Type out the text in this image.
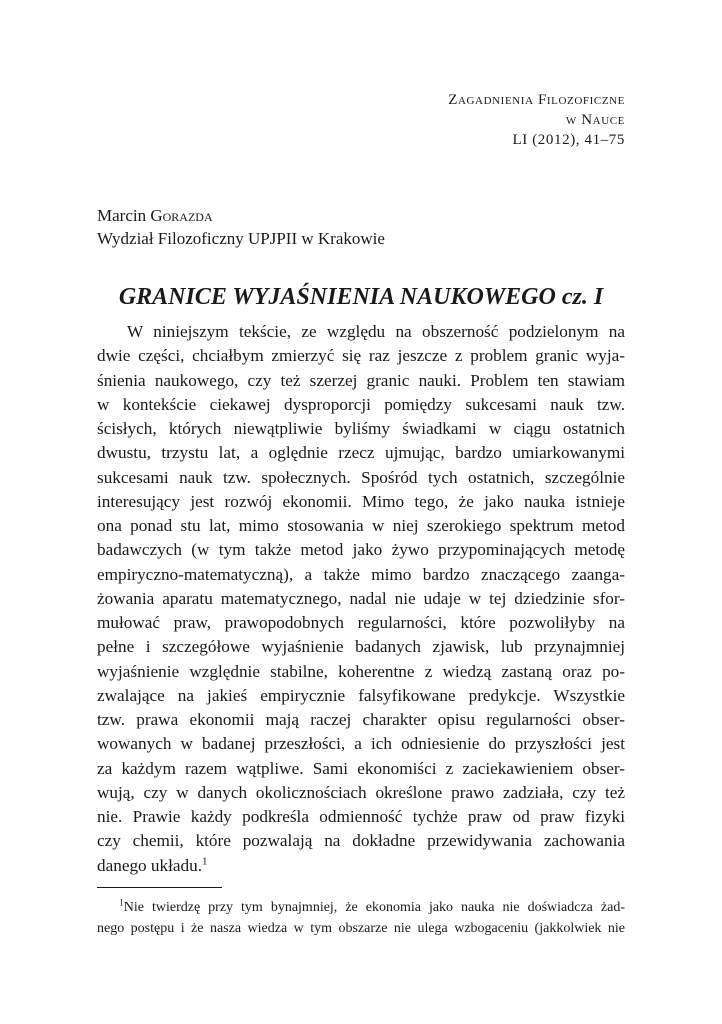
Zagadnienia Filozoficzne
w Nauce
LI (2012), 41–75
Marcin Gorazda
Wydział Filozoficzny UPJPII w Krakowie
GRANICE WYJAŚNIENIA NAUKOWEGO cz. I
W niniejszym tekście, ze względu na obszerność podzielonym na
dwie części, chciałbym zmierzyć się raz jeszcze z problem granic wyja-
śnienia naukowego, czy też szerzej granic nauki. Problem ten stawiam
w kontekście ciekawej dysproporcji pomiędzy sukcesami nauk tzw.
ścisłych, których niewątpliwie byliśmy świadkami w ciągu ostatnich
dwustu, trzystu lat, a oględnie rzecz ujmując, bardzo umiarkowanymi
sukcesami nauk tzw. społecznych. Spośród tych ostatnich, szczególnie
interesujący jest rozwój ekonomii. Mimo tego, że jako nauka istnieje
ona ponad stu lat, mimo stosowania w niej szerokiego spektrum metod
badawczych (w tym także metod jako żywo przypominających metodę
empiryczno-matematyczną), a także mimo bardzo znaczącego zaanga-
żowania aparatu matematycznego, nadal nie udaje w tej dziedzinie sfor-
mułować praw, prawopodobnych regularności, które pozwoliłyby na
pełne i szczegółowe wyjaśnienie badanych zjawisk, lub przynajmniej
wyjaśnienie względnie stabilne, koherentne z wiedzą zastaną oraz po-
zwalające na jakieś empirycznie falsyfikowane predykcje. Wszystkie
tzw. prawa ekonomii mają raczej charakter opisu regularności obser-
wowanych w badanej przeszłości, a ich odniesienie do przyszłości jest
za każdym razem wątpliwe. Sami ekonomiści z zaciekawieniem obser-
wują, czy w danych okolicznościach określone prawo zadziała, czy też
nie. Prawie każdy podkreśla odmienność tychże praw od praw fizyki
czy chemii, które pozwalają na dokładne przewidywania zachowania
danego układu.$^1$
$^1$Nie twierdzę przy tym bynajmniej, że ekonomia jako nauka nie doświadcza żad-
nego postępu i że nasza wiedza w tym obszarze nie ulega wzbogaceniu (jakkolwiek nie
